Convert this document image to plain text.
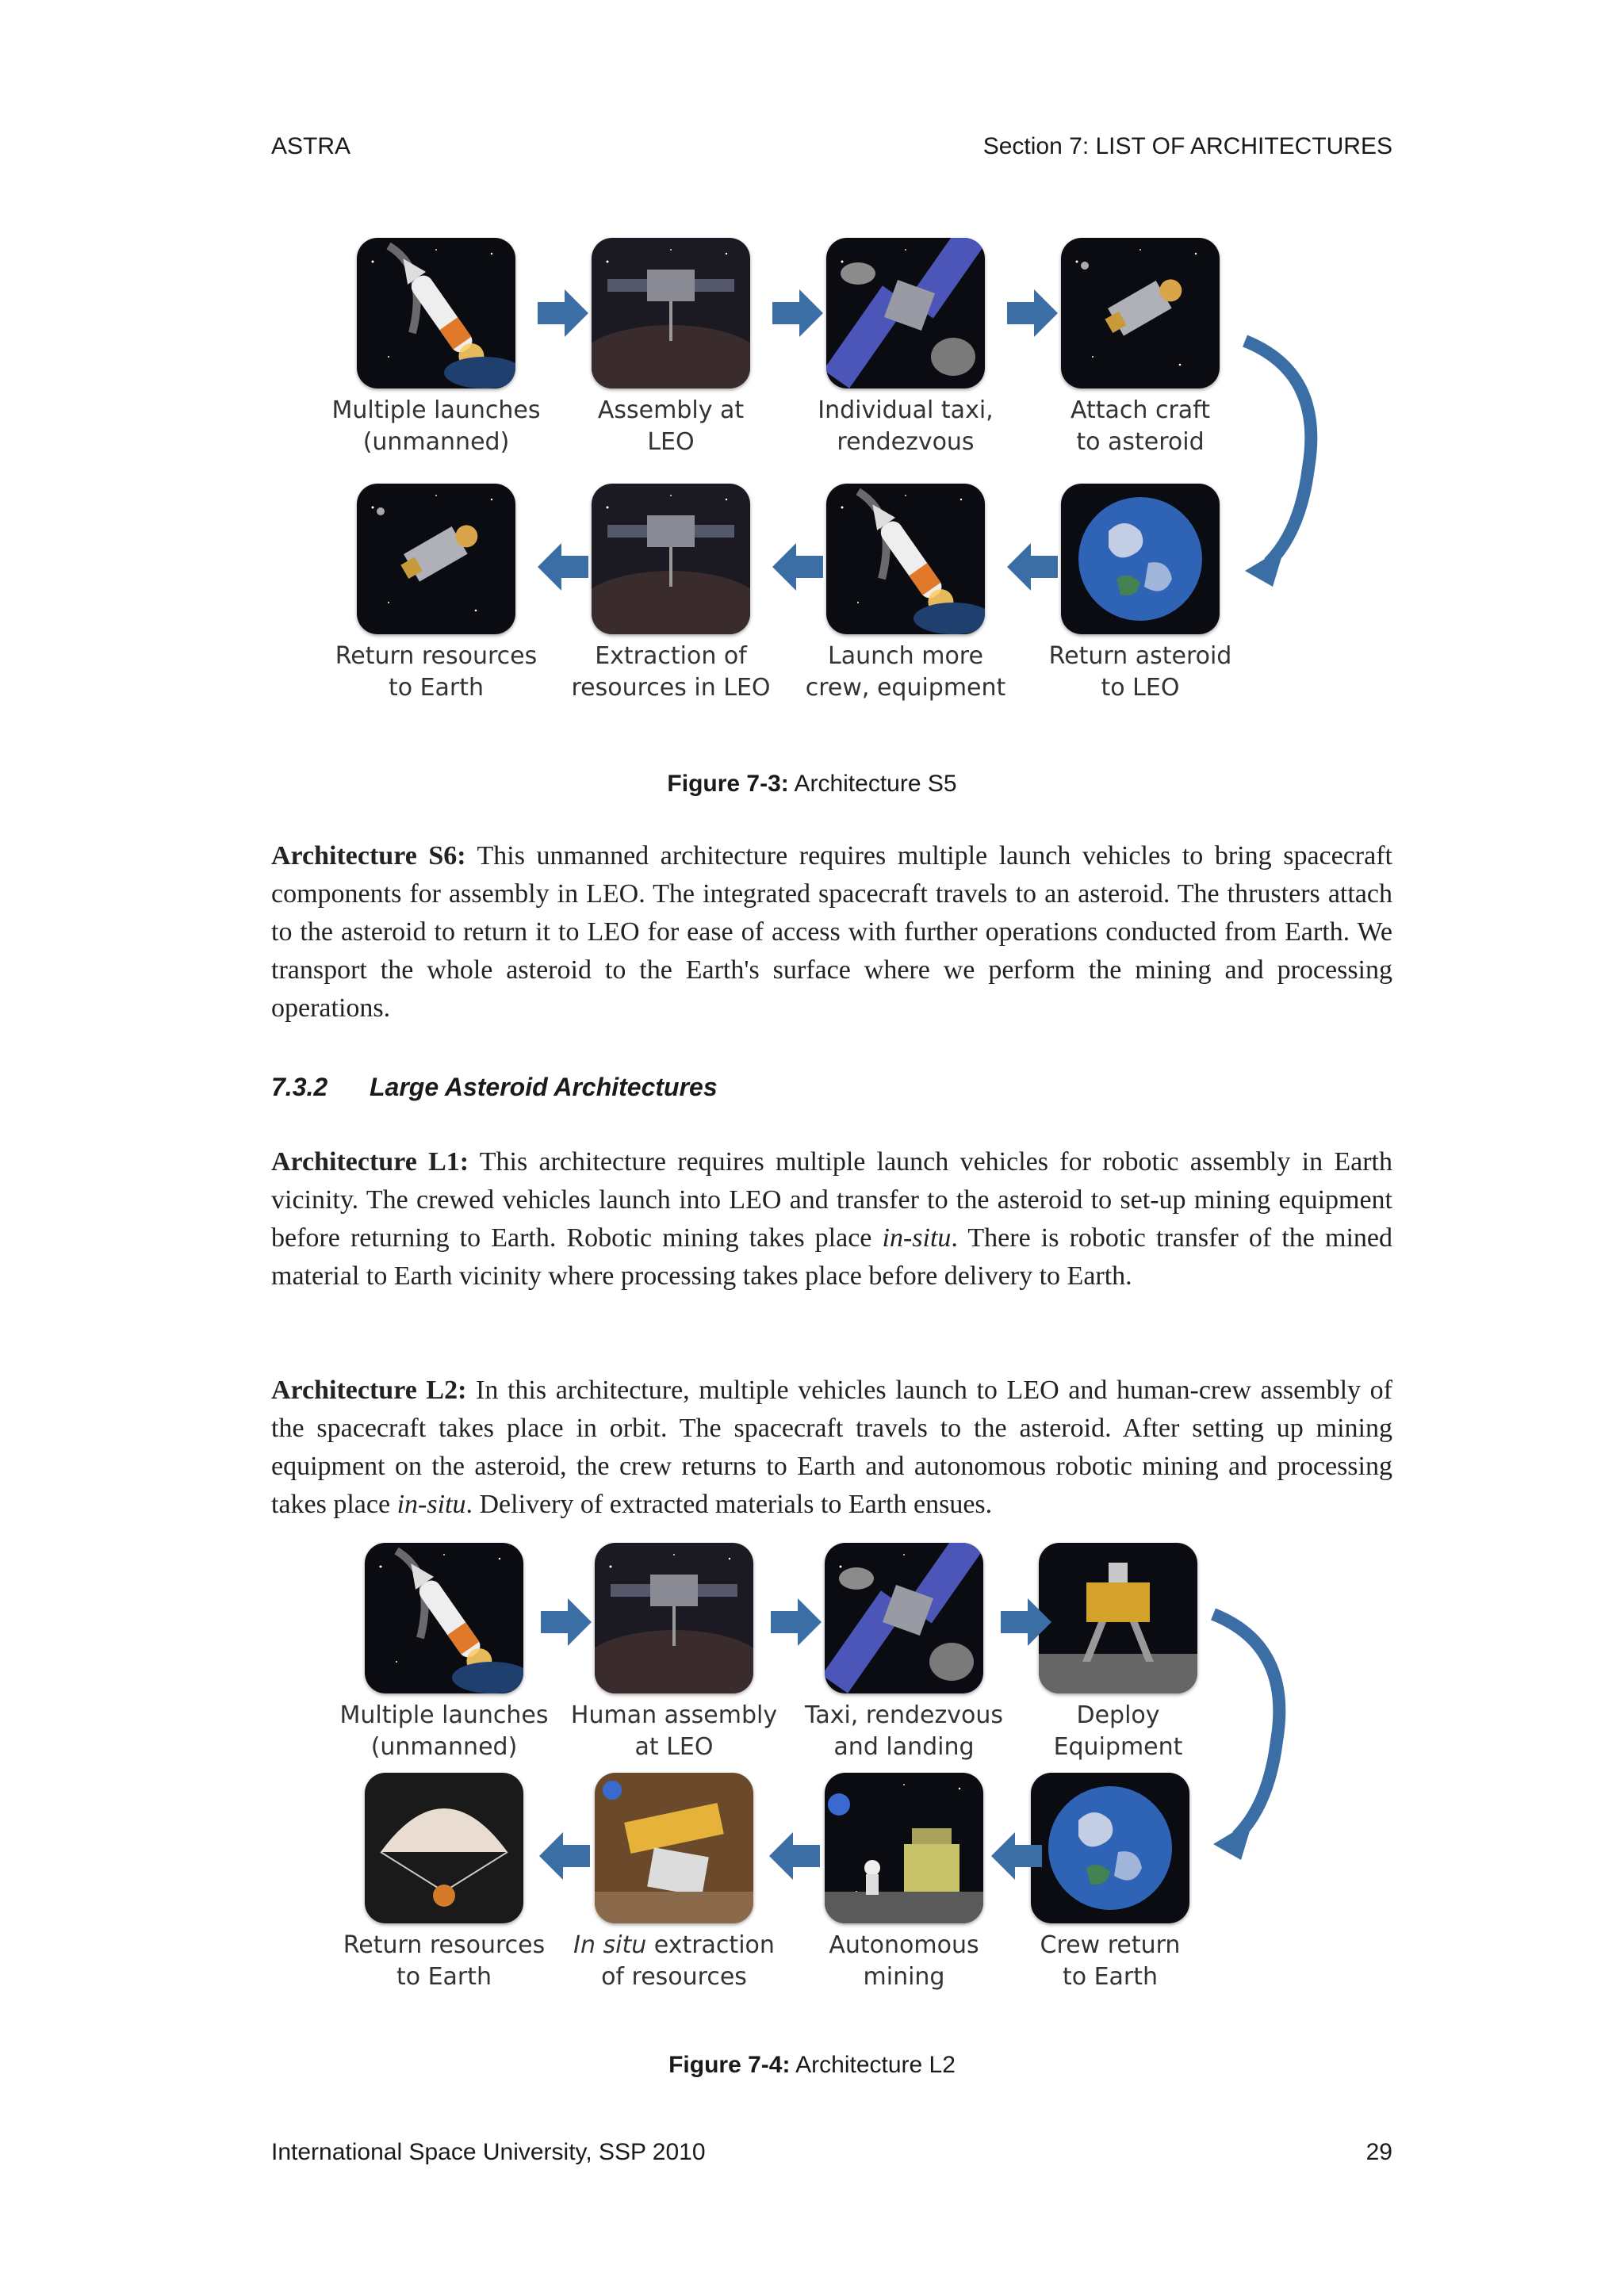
ASTRA	Section 7: LIST OF ARCHITECTURES
Multiple launches
(unmanned)
Assembly at
LEO
Individual taxi,
rendezvous
Attach craft
to asteroid
Return asteroid
to LEO
Launch more
crew, equipment
Extraction of
resources in LEO
Return resources
to Earth
Figure 7-3: Architecture S5

Architecture S6: This unmanned architecture requires multiple launch vehicles to bring spacecraft components for assembly in LEO. The integrated spacecraft travels to an asteroid. The thrusters attach to the asteroid to return it to LEO for ease of access with further operations conducted from Earth. We transport the whole asteroid to the Earth's surface where we perform the mining and processing operations.

7.3.2 Large Asteroid Architectures

Architecture L1: This architecture requires multiple launch vehicles for robotic assembly in Earth vicinity. The crewed vehicles launch into LEO and transfer to the asteroid to set-up mining equipment before returning to Earth. Robotic mining takes place in-situ. There is robotic transfer of the mined material to Earth vicinity where processing takes place before delivery to Earth.

Architecture L2: In this architecture, multiple vehicles launch to LEO and human-crew assembly of the spacecraft takes place in orbit. The spacecraft travels to the asteroid. After setting up mining equipment on the asteroid, the crew returns to Earth and autonomous robotic mining and processing takes place in-situ. Delivery of extracted materials to Earth ensues.

Multiple launches
(unmanned)
Human assembly
at LEO
Taxi, rendezvous
and landing
Deploy
Equipment
Crew return
to Earth
Autonomous
mining
In situ extraction
of resources
Return resources
to Earth
Figure 7-4: Architecture L2
International Space University, SSP 2010	29
